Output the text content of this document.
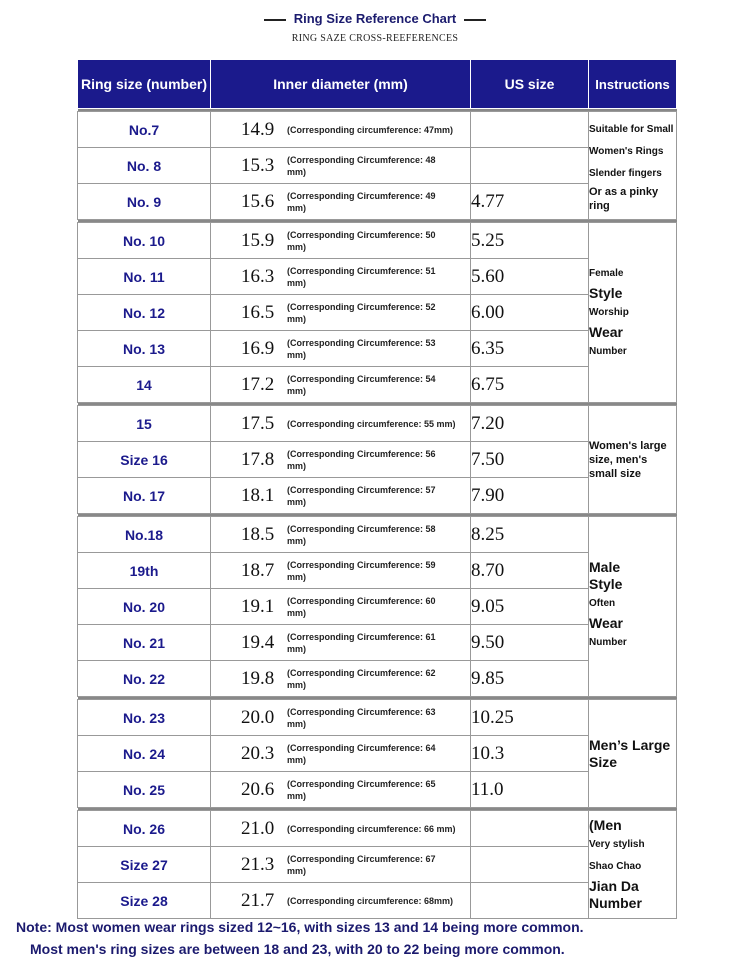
Ring Size Reference Chart
RING SAZE CROSS-REEFERENCES
Ring size (number)	Inner diameter (mm)	US size	Instructions

No.7	14.9 (Corresponding circumference: 47mm)		Suitable for Small Women's Rings
Slender fingers
Or as a pinky ring

No. 8	15.3 (Corresponding Circumference: 48 mm)		
No. 9	15.6 (Corresponding Circumference: 49 mm)	4.77	

No. 10	15.9 (Corresponding Circumference: 50 mm)	5.25	Female
Style
Worship
Wear
Number

No. 11	16.3 (Corresponding Circumference: 51 mm)	5.60	
No. 12	16.5 (Corresponding Circumference: 52 mm)	6.00	
No. 13	16.9 (Corresponding Circumference: 53 mm)	6.35	
14	17.2 (Corresponding Circumference: 54 mm)	6.75	

15	17.5 (Corresponding circumference: 55 mm)	7.20	Women's large size, men's small size

Size 16	17.8 (Corresponding Circumference: 56 mm)	7.50	
No. 17	18.1 (Corresponding Circumference: 57 mm)	7.90	

No.18	18.5 (Corresponding Circumference: 58 mm)	8.25	Male
Style
Often
Wear
Number

19th	18.7 (Corresponding Circumference: 59 mm)	8.70	
No. 20	19.1 (Corresponding Circumference: 60 mm)	9.05	
No. 21	19.4 (Corresponding Circumference: 61 mm)	9.50	
No. 22	19.8 (Corresponding Circumference: 62 mm)	9.85	

No. 23	20.0 (Corresponding Circumference: 63 mm)	10.25	Men’s Large Size

No. 24	20.3 (Corresponding Circumference: 64 mm)	10.3	
No. 25	20.6 (Corresponding Circumference: 65 mm)	11.0	

No. 26	21.0 (Corresponding circumference: 66 mm)		(Men
Very stylish
Shao Chao
Jian Da
Number

Size 27	21.3 (Corresponding Circumference: 67 mm)		
Size 28	21.7 (Corresponding circumference: 68mm)		
Note: Most women wear rings sized 12~16, with sizes 13 and 14 being more common.
Most men's ring sizes are between 18 and 23, with 20 to 22 being more common.
